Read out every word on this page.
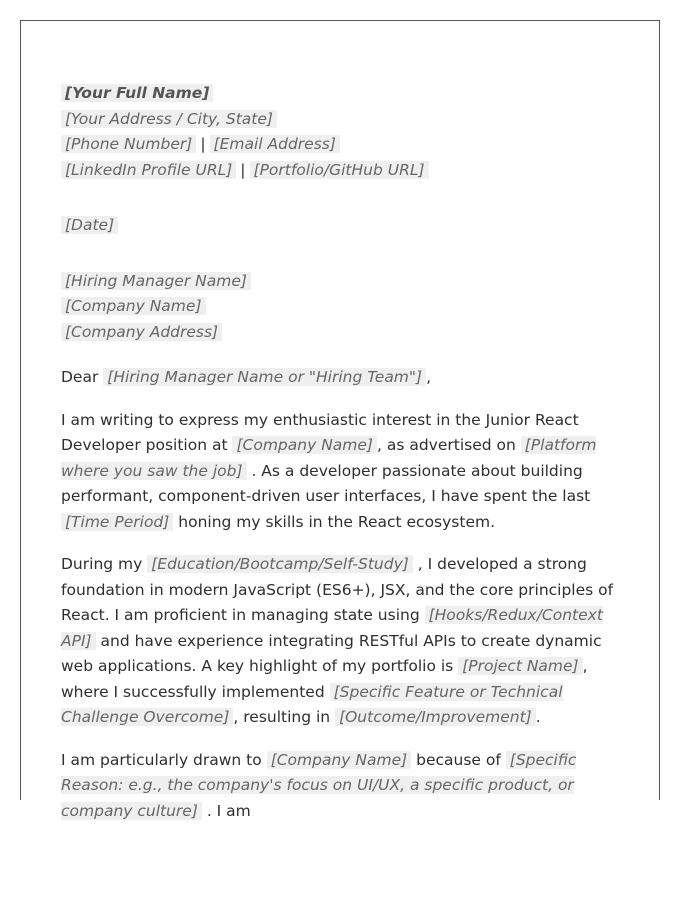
[Your Full Name]
[Your Address / City, State]
[Phone Number] | [Email Address]
[LinkedIn Profile URL] | [Portfolio/GitHub URL]
[Date]
[Hiring Manager Name]
[Company Name]
[Company Address]
Dear [Hiring Manager Name or "Hiring Team"] ,

I am writing to express my enthusiastic interest in the Junior React Developer position at [Company Name] , as advertised on [Platform where you saw the job] . As a developer passionate about building performant, component-driven user interfaces, I have spent the last [Time Period] honing my skills in the React ecosystem.

During my [Education/Bootcamp/Self-Study] , I developed a strong foundation in modern JavaScript (ES6+), JSX, and the core principles of React. I am proficient in managing state using [Hooks/Redux/Context API] and have experience integrating RESTful APIs to create dynamic web applications. A key highlight of my portfolio is [Project Name] , where I successfully implemented [Specific Feature or Technical Challenge Overcome] , resulting in [Outcome/Improvement] .

I am particularly drawn to [Company Name] because of [Specific Reason: e.g., the company's focus on UI/UX, a specific product, or company culture] . I am
